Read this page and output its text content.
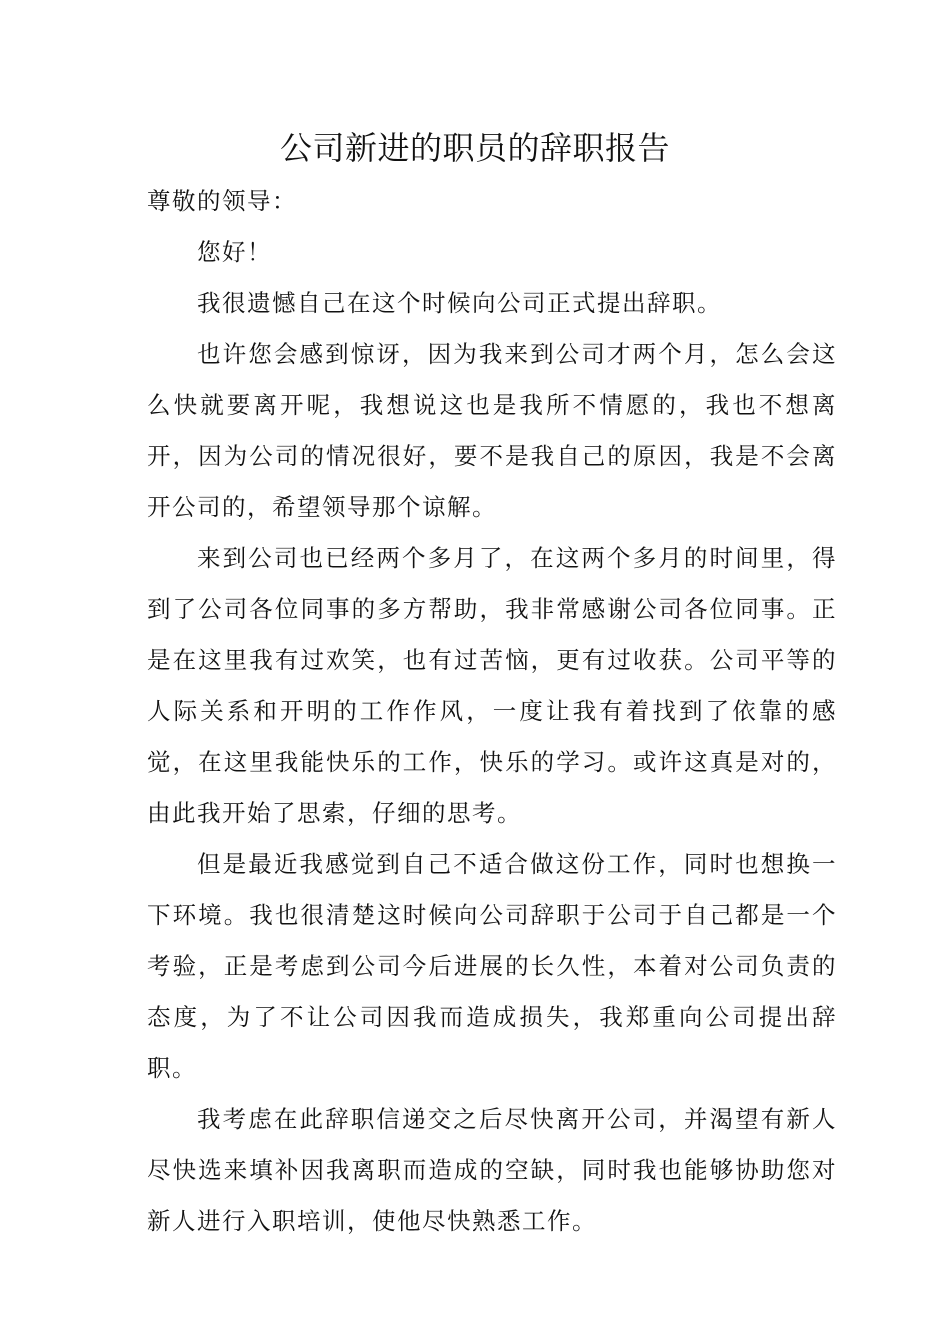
公司新进的职员的辞职报告

尊敬的领导：

您好！

我很遗憾自己在这个时候向公司正式提出辞职。

也许您会感到惊讶，因为我来到公司才两个月，怎么会这么快就要离开呢，我想说这也是我所不情愿的，我也不想离开，因为公司的情况很好，要不是我自己的原因，我是不会离开公司的，希望领导那个谅解。

来到公司也已经两个多月了，在这两个多月的时间里，得到了公司各位同事的多方帮助，我非常感谢公司各位同事。正是在这里我有过欢笑，也有过苦恼，更有过收获。公司平等的人际关系和开明的工作作风，一度让我有着找到了依靠的感觉，在这里我能快乐的工作，快乐的学习。或许这真是对的，由此我开始了思索，仔细的思考。

但是最近我感觉到自己不适合做这份工作，同时也想换一下环境。我也很清楚这时候向公司辞职于公司于自己都是一个考验，正是考虑到公司今后进展的长久性，本着对公司负责的态度，为了不让公司因我而造成损失，我郑重向公司提出辞职。

我考虑在此辞职信递交之后尽快离开公司，并渴望有新人尽快选来填补因我离职而造成的空缺，同时我也能够协助您对新人进行入职培训，使他尽快熟悉工作。
